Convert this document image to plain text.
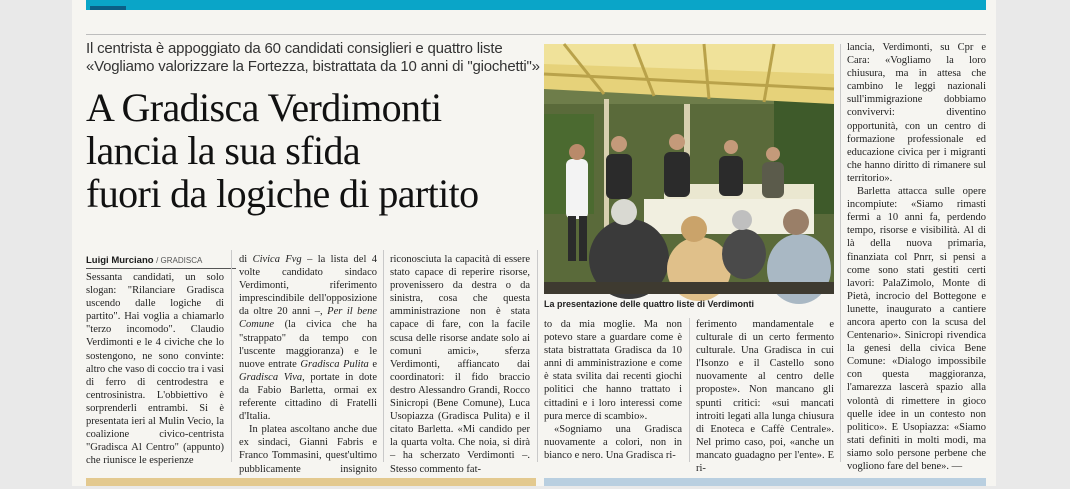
Il centrista è appoggiato da 60 candidati consiglieri e quattro liste
«Vogliamo valorizzare la Fortezza, bistrattata da 10 anni di "giochetti"»
A Gradisca Verdimonti
lancia la sua sfida
fuori da logiche di partito
Luigi Murciano / GRADISCA
La presentazione delle quattro liste di Verdimonti

Sessanta candidati, un solo slogan: "Rilanciare Gradisca uscendo dalle logiche di partito". Hai voglia a chiamarlo "terzo incomodo". Claudio Verdimonti e le 4 civiche che lo sostengono, ne sono convinte: altro che vaso di coccio tra i vasi di ferro di centrodestra e centrosinistra. L'obbiettivo è sorprenderli entrambi. Si è presentata ieri al Mulin Vecio, la coalizione civico-centrista "Gradisca Al Centro" (appunto) che riunisce le esperienze

di Civica Fvg – la lista del 4 volte candidato sindaco Verdimonti, riferimento imprescindibile dell'opposizione da oltre 20 anni –, Per il bene Comune (la civica che ha "strappato" da tempo con l'uscente maggioranza) e le nuove entrate Gradisca Pulita e Gradisca Viva, portate in dote da Fabio Barletta, ormai ex referente cittadino di Fratelli d'Italia.

In platea ascoltano anche due ex sindaci, Gianni Fabris e Franco Tommasini, quest'ultimo pubblicamente insignito

riconosciuta la capacità di essere stato capace di reperire risorse, provenissero da destra o da sinistra, cosa che questa amministrazione non è stata capace di fare, con la facile scusa delle risorse andate solo ai comuni amici», sferza Verdimonti, affiancato dai coordinatori: il fido braccio destro Alessandro Grandi, Rocco Sinicropi (Bene Comune), Luca Usopiazza (Gradisca Pulita) e il citato Barletta. «Mi candido per la quarta volta. Che noia, si dirà – ha scherzato Verdimonti –. Stesso commento fat-

to da mia moglie. Ma non potevo stare a guardare come è stata bistrattata Gradisca da 10 anni di amministrazione e come è stata svilita dai recenti giochi politici che hanno trattato i cittadini e i loro interessi come pura merce di scambio».

«Sogniamo una Gradisca nuovamente a colori, non in bianco e nero. Una Gradisca ri-

ferimento mandamentale e culturale di un certo fermento culturale. Una Gradisca in cui l'Isonzo e il Castello sono nuovamente al centro delle proposte». Non mancano gli spunti critici: «sui mancati introiti legati alla lunga chiusura di Enoteca e Caffè Centrale». Nel primo caso, poi, «anche un mancato guadagno per l'ente». E ri-

lancia, Verdimonti, su Cpr e Cara: «Vogliamo la loro chiusura, ma in attesa che cambino le leggi nazionali sull'immigrazione dobbiamo convivervi: diventino opportunità, con un centro di formazione professionale ed educazione civica per i migranti che hanno diritto di rimanere sul territorio».

Barletta attacca sulle opere incompiute: «Siamo rimasti fermi a 10 anni fa, perdendo tempo, risorse e visibilità. Al di là della nuova primaria, finanziata col Pnrr, si pensi a come sono stati gestiti certi lavori: PalaZimolo, Monte di Pietà, incrocio del Bottegone e lunette, inaugurato a cantiere ancora aperto con la scusa del Centenario». Sinicropi rivendica la genesi della civica Bene Comune: «Dialogo impossibile con questa maggioranza, l'amarezza lascerà spazio alla volontà di rimettere in gioco quelle idee in un contesto non politico». E Usopiazza: «Siamo stati definiti in molti modi, ma siamo solo persone perbene che vogliono fare del bene». —
